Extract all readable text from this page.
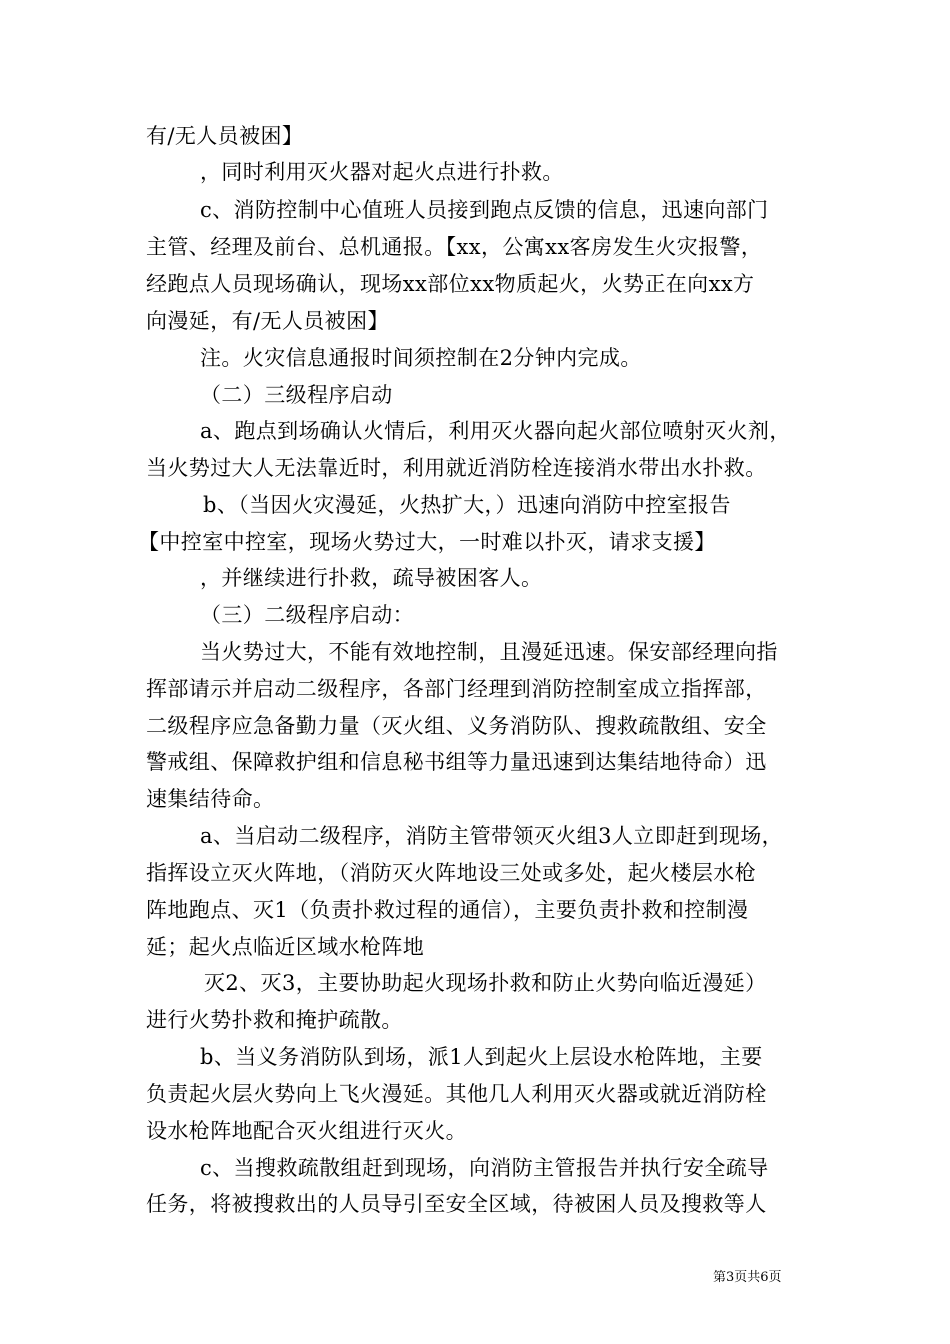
有/无人员被困】
，同时利用灭火器对起火点进行扑救。
c、消防控制中心值班人员接到跑点反馈的信息，迅速向部门
主管、经理及前台、总机通报。【xx，公寓xx客房发生火灾报警，
经跑点人员现场确认，现场xx部位xx物质起火，火势正在向xx方
向漫延，有/无人员被困】
注。火灾信息通报时间须控制在2分钟内完成。
（二）三级程序启动
a、跑点到场确认火情后，利用灭火器向起火部位喷射灭火剂，
当火势过大人无法靠近时，利用就近消防栓连接消水带出水扑救。
b、（当因火灾漫延，火热扩大，）迅速向消防中控室报告
【中控室中控室，现场火势过大，一时难以扑灭，请求支援】
，并继续进行扑救，疏导被困客人。
（三）二级程序启动：
当火势过大，不能有效地控制，且漫延迅速。保安部经理向指
挥部请示并启动二级程序，各部门经理到消防控制室成立指挥部，
二级程序应急备勤力量（灭火组、义务消防队、搜救疏散组、安全
警戒组、保障救护组和信息秘书组等力量迅速到达集结地待命）迅
速集结待命。
a、当启动二级程序，消防主管带领灭火组3人立即赶到现场，
指挥设立灭火阵地，（消防灭火阵地设三处或多处，起火楼层水枪
阵地跑点、灭1（负责扑救过程的通信），主要负责扑救和控制漫
延；起火点临近区域水枪阵地
灭2、灭3，主要协助起火现场扑救和防止火势向临近漫延）
进行火势扑救和掩护疏散。
b、当义务消防队到场，派1人到起火上层设水枪阵地，主要
负责起火层火势向上飞火漫延。其他几人利用灭火器或就近消防栓
设水枪阵地配合灭火组进行灭火。
c、当搜救疏散组赶到现场，向消防主管报告并执行安全疏导
任务，将被搜救出的人员导引至安全区域，待被困人员及搜救等人
第3页共6页
